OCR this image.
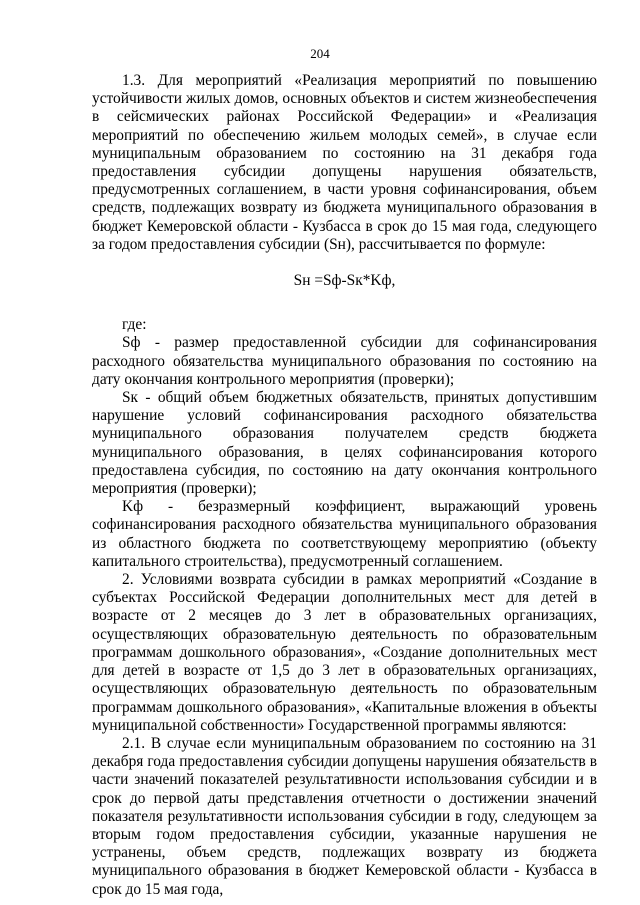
204

1.3. Для мероприятий «Реализация мероприятий по повышению устойчивости жилых домов, основных объектов и систем жизнеобеспечения в сейсмических районах Российской Федерации» и «Реализация мероприятий по обеспечению жильем молодых семей», в случае если муниципальным образованием по состоянию на 31 декабря года предоставления субсидии допущены нарушения обязательств, предусмотренных соглашением, в части уровня софинансирования, объем средств, подлежащих возврату из бюджета муниципального образования в бюджет Кемеровской области - Кузбасса в срок до 15 мая года, следующего за годом предоставления субсидии (Sн), рассчитывается по формуле:

Sн =Sф-Sк*Kф,

где:

Sф - размер предоставленной субсидии для софинансирования расходного обязательства муниципального образования по состоянию на дату окончания контрольного мероприятия (проверки);

Sк - общий объем бюджетных обязательств, принятых допустившим нарушение условий софинансирования расходного обязательства муниципального образования получателем средств бюджета муниципального образования, в целях софинансирования которого предоставлена субсидия, по состоянию на дату окончания контрольного мероприятия (проверки);

Kф - безразмерный коэффициент, выражающий уровень софинансирования расходного обязательства муниципального образования из областного бюджета по соответствующему мероприятию (объекту капитального строительства), предусмотренный соглашением.

2. Условиями возврата субсидии в рамках мероприятий «Создание в субъектах Российской Федерации дополнительных мест для детей в возрасте от 2 месяцев до 3 лет в образовательных организациях, осуществляющих образовательную деятельность по образовательным программам дошкольного образования», «Создание дополнительных мест для детей в возрасте от 1,5 до 3 лет в образовательных организациях, осуществляющих образовательную деятельность по образовательным программам дошкольного образования», «Капитальные вложения в объекты муниципальной собственности» Государственной программы являются:

2.1. В случае если муниципальным образованием по состоянию на 31 декабря года предоставления субсидии допущены нарушения обязательств в части значений показателей результативности использования субсидии и в срок до первой даты представления отчетности о достижении значений показателя результативности использования субсидии в году, следующем за вторым годом предоставления субсидии, указанные нарушения не устранены, объем средств, подлежащих возврату из бюджета муниципального образования в бюджет Кемеровской области - Кузбасса в срок до 15 мая года,
